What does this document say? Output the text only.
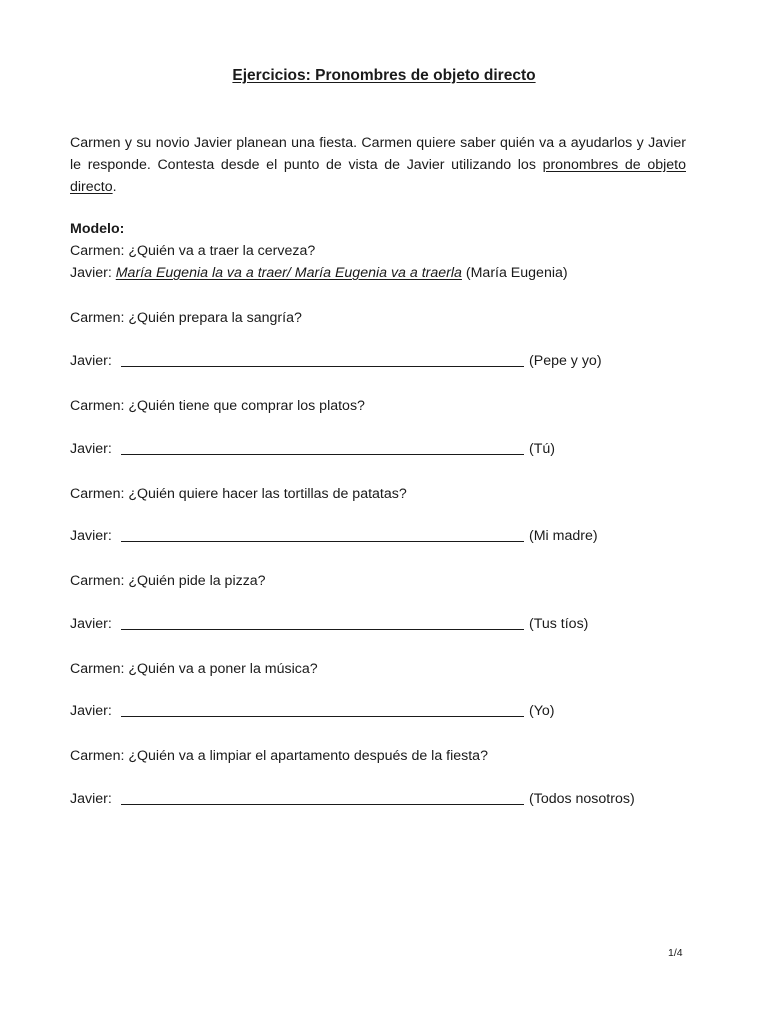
Ejercicios: Pronombres de objeto directo
Carmen y su novio Javier planean una fiesta. Carmen quiere saber quién va a ayudarlos y Javier le responde. Contesta desde el punto de vista de Javier utilizando los pronombres de objeto directo.
Modelo:
Carmen: ¿Quién va a traer la cerveza?
Javier: María Eugenia la va a traer/ María Eugenia va a traerla (María Eugenia)
Carmen: ¿Quién prepara la sangría?
Javier:	(Pepe y yo)
Carmen: ¿Quién tiene que comprar los platos?
Javier:	(Tú)
Carmen: ¿Quién quiere hacer las tortillas de patatas?
Javier:	(Mi madre)
Carmen: ¿Quién pide la pizza?
Javier:	(Tus tíos)
Carmen: ¿Quién va a poner la música?
Javier:	(Yo)
Carmen: ¿Quién va a limpiar el apartamento después de la fiesta?
Javier:	(Todos nosotros)
1/4
